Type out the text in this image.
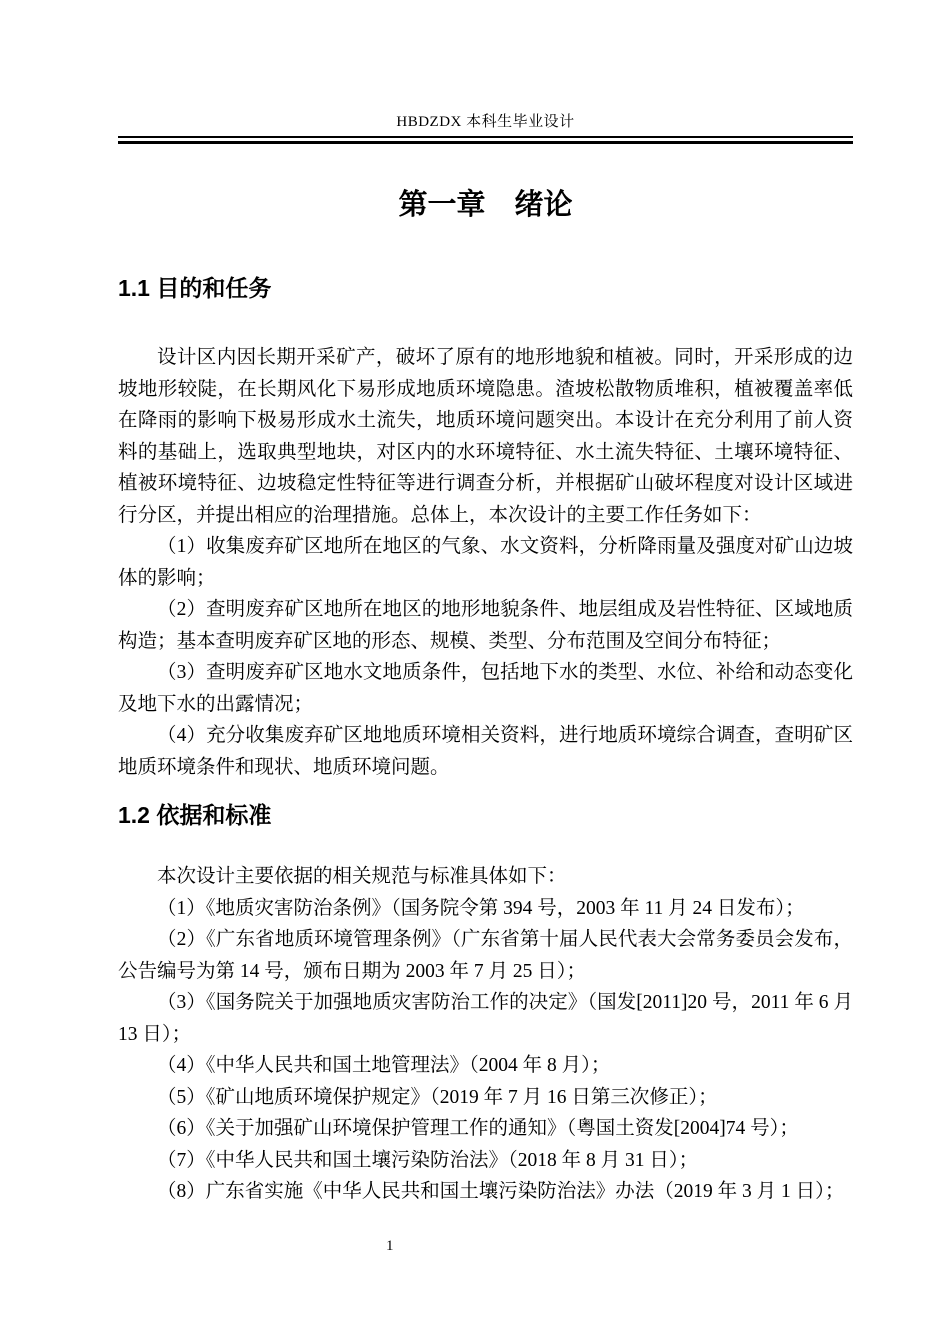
HBDZDX 本科生毕业设计
第一章　绪论
1.1 目的和任务

设计区内因长期开采矿产，破坏了原有的地形地貌和植被。同时，开采形成的边坡地形较陡，在长期风化下易形成地质环境隐患。渣坡松散物质堆积，植被覆盖率低在降雨的影响下极易形成水土流失，地质环境问题突出。本设计在充分利用了前人资料的基础上，选取典型地块，对区内的水环境特征、水土流失特征、土壤环境特征、植被环境特征、边坡稳定性特征等进行调查分析，并根据矿山破坏程度对设计区域进行分区，并提出相应的治理措施。总体上，本次设计的主要工作任务如下：

（1）收集废弃矿区地所在地区的气象、水文资料，分析降雨量及强度对矿山边坡体的影响；

（2）查明废弃矿区地所在地区的地形地貌条件、地层组成及岩性特征、区域地质构造；基本查明废弃矿区地的形态、规模、类型、分布范围及空间分布特征；

（3）查明废弃矿区地水文地质条件，包括地下水的类型、水位、补给和动态变化及地下水的出露情况；

（4）充分收集废弃矿区地地质环境相关资料，进行地质环境综合调查，查明矿区地质环境条件和现状、地质环境问题。

1.2 依据和标准

本次设计主要依据的相关规范与标准具体如下：

（1）《地质灾害防治条例》（国务院令第 394 号，2003 年 11 月 24 日发布）；

（2）《广东省地质环境管理条例》（广东省第十届人民代表大会常务委员会发布，公告编号为第 14 号，颁布日期为 2003 年 7 月 25 日）；

（3）《国务院关于加强地质灾害防治工作的决定》（国发[2011]20 号，2011 年 6 月 13 日）；

（4）《中华人民共和国土地管理法》（2004 年 8 月）；

（5）《矿山地质环境保护规定》（2019 年 7 月 16 日第三次修正）；

（6）《关于加强矿山环境保护管理工作的通知》（粤国土资发[2004]74 号）；

（7）《中华人民共和国土壤污染防治法》（2018 年 8 月 31 日）；

（8）广东省实施《中华人民共和国土壤污染防治法》办法（2019 年 3 月 1 日）；

1
